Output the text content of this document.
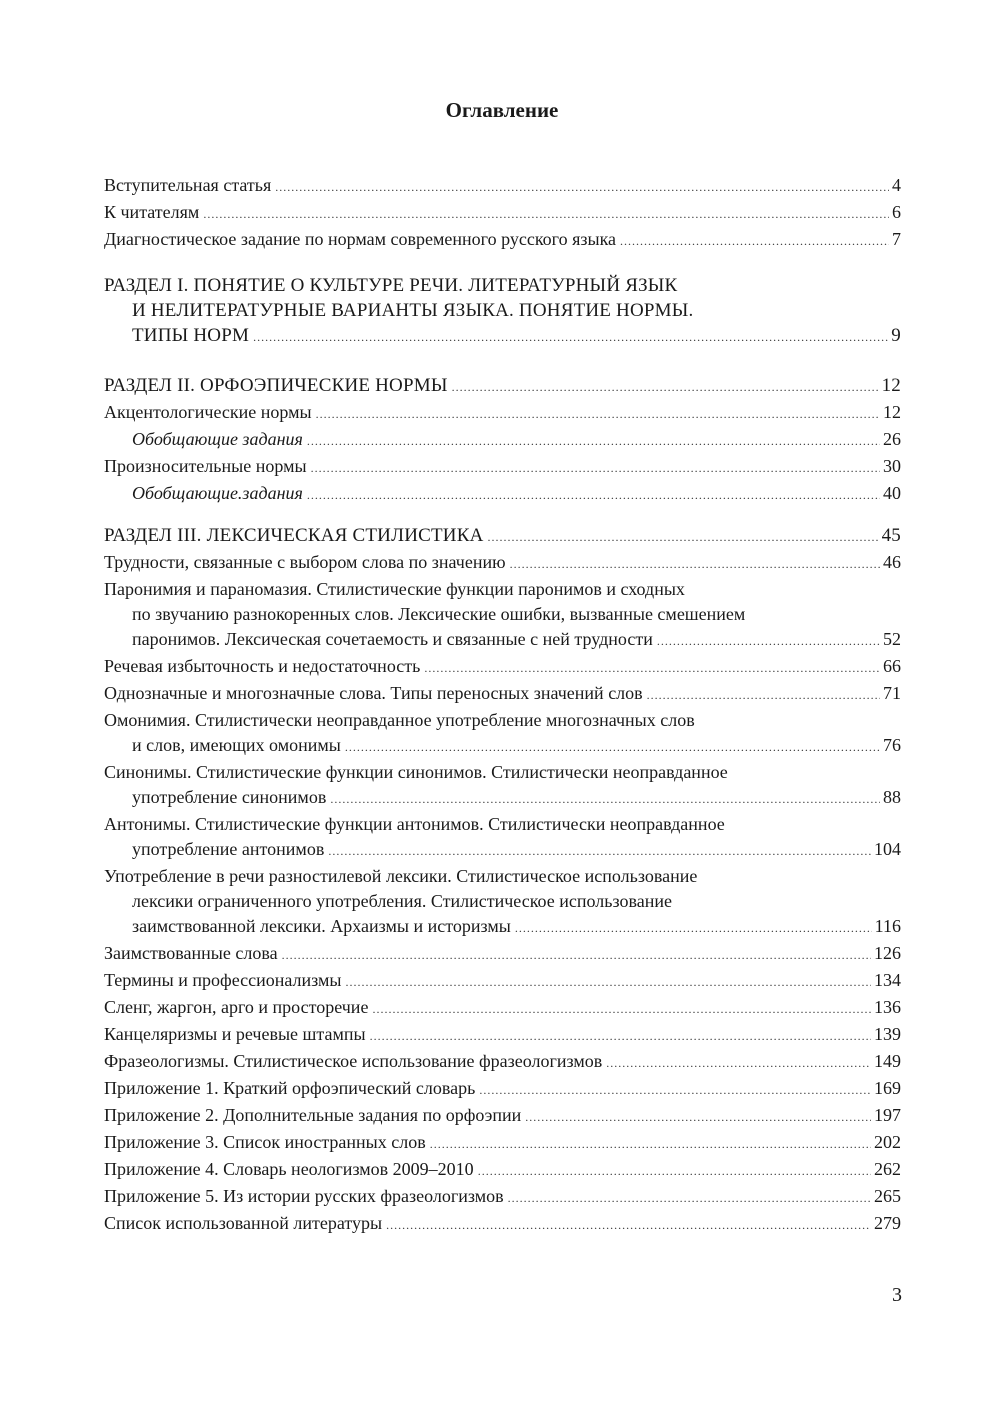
Оглавление
Вступительная статья .....	4
К читателям .....	6
Диагностическое задание по нормам современного русского языка .....	7
РАЗДЕЛ I. ПОНЯТИЕ О КУЛЬТУРЕ РЕЧИ. ЛИТЕРАТУРНЫЙ ЯЗЫК
И НЕЛИТЕРАТУРНЫЕ ВАРИАНТЫ ЯЗЫКА. ПОНЯТИЕ НОРМЫ.
ТИПЫ НОРМ .....	9
РАЗДЕЛ II. ОРФОЭПИЧЕСКИЕ НОРМЫ .....	12
Акцентологические нормы .....	12
Обобщающие задания .....	26
Произносительные нормы .....	30
Обобщающие.задания .....	40
РАЗДЕЛ III. ЛЕКСИЧЕСКАЯ СТИЛИСТИКА .....	45
Трудности, связанные с выбором слова по значению .....	46
Паронимия и параномазия. Стилистические функции паронимов и сходных
по звучанию разнокоренных слов. Лексические ошибки, вызванные смешением
паронимов. Лексическая сочетаемость и связанные с ней трудности .....	52
Речевая избыточность и недостаточность .....	66
Однозначные и многозначные слова. Типы переносных значений слов .....	71
Омонимия. Стилистически неоправданное употребление многозначных слов
и слов, имеющих омонимы .....	76
Синонимы. Стилистические функции синонимов. Стилистически неоправданное
употребление синонимов .....	88
Антонимы. Стилистические функции антонимов. Стилистически неоправданное
употребление антонимов .....	104
Употребление в речи разностилевой лексики. Стилистическое использование
лексики ограниченного употребления. Стилистическое использование
заимствованной лексики. Архаизмы и историзмы .....	116
Заимствованные слова .....	126
Термины и профессионализмы .....	134
Сленг, жаргон, арго и просторечие .....	136
Канцеляризмы и речевые штампы .....	139
Фразеологизмы. Стилистическое использование фразеологизмов .....	149
Приложение 1. Краткий орфоэпический словарь .....	169
Приложение 2. Дополнительные задания по орфоэпии .....	197
Приложение 3. Список иностранных слов .....	202
Приложение 4. Словарь неологизмов 2009–2010 .....	262
Приложение 5. Из истории русских фразеологизмов .....	265
Список использованной литературы .....	279
3
